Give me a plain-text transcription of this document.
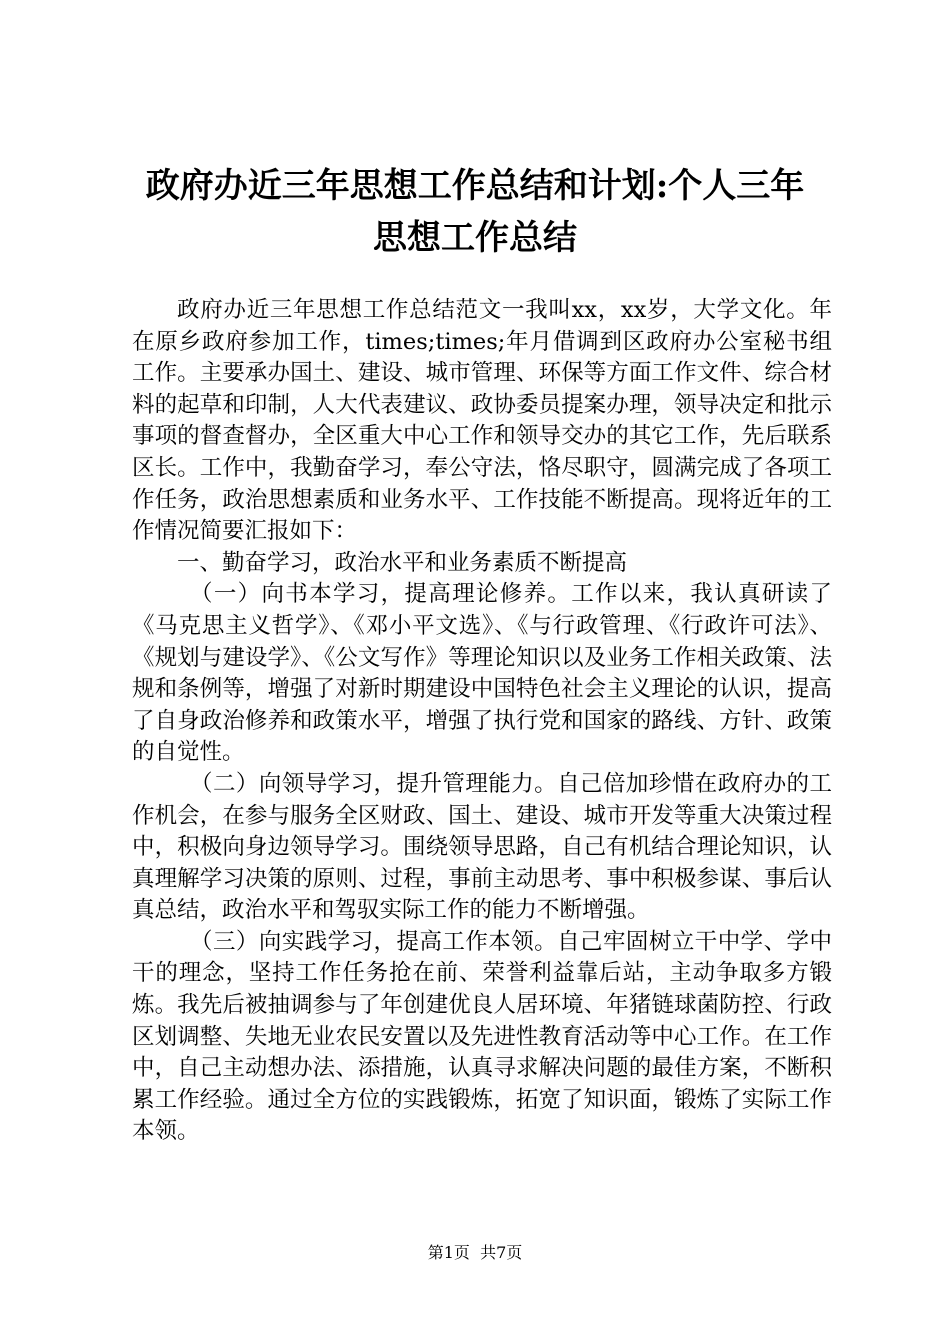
政府办近三年思想工作总结和计划:个人三年
思想工作总结

政府办近三年思想工作总结范文一我叫xx，xx岁，大学文化。年在原乡政府参加工作，times;times;年月借调到区政府办公室秘书组工作。主要承办国土、建设、城市管理、环保等方面工作文件、综合材料的起草和印制，人大代表建议、政协委员提案办理，领导决定和批示事项的督查督办，全区重大中心工作和领导交办的其它工作，先后联系区长。工作中，我勤奋学习，奉公守法，恪尽职守，圆满完成了各项工作任务，政治思想素质和业务水平、工作技能不断提高。现将近年的工作情况简要汇报如下：

一、勤奋学习，政治水平和业务素质不断提高

（一）向书本学习，提高理论修养。工作以来，我认真研读了《马克思主义哲学》、《邓小平文选》、《与行政管理、《行政许可法》、《规划与建设学》、《公文写作》等理论知识以及业务工作相关政策、法规和条例等，增强了对新时期建设中国特色社会主义理论的认识，提高了自身政治修养和政策水平，增强了执行党和国家的路线、方针、政策的自觉性。

（二）向领导学习，提升管理能力。自己倍加珍惜在政府办的工作机会，在参与服务全区财政、国土、建设、城市开发等重大决策过程中，积极向身边领导学习。围绕领导思路，自己有机结合理论知识，认真理解学习决策的原则、过程，事前主动思考、事中积极参谋、事后认真总结，政治水平和驾驭实际工作的能力不断增强。

（三）向实践学习，提高工作本领。自己牢固树立干中学、学中干的理念，坚持工作任务抢在前、荣誉利益靠后站，主动争取多方锻炼。我先后被抽调参与了年创建优良人居环境、年猪链球菌防控、行政区划调整、失地无业农民安置以及先进性教育活动等中心工作。在工作中，自己主动想办法、添措施，认真寻求解决问题的最佳方案，不断积累工作经验。通过全方位的实践锻炼，拓宽了知识面，锻炼了实际工作本领。

第1页  共7页
